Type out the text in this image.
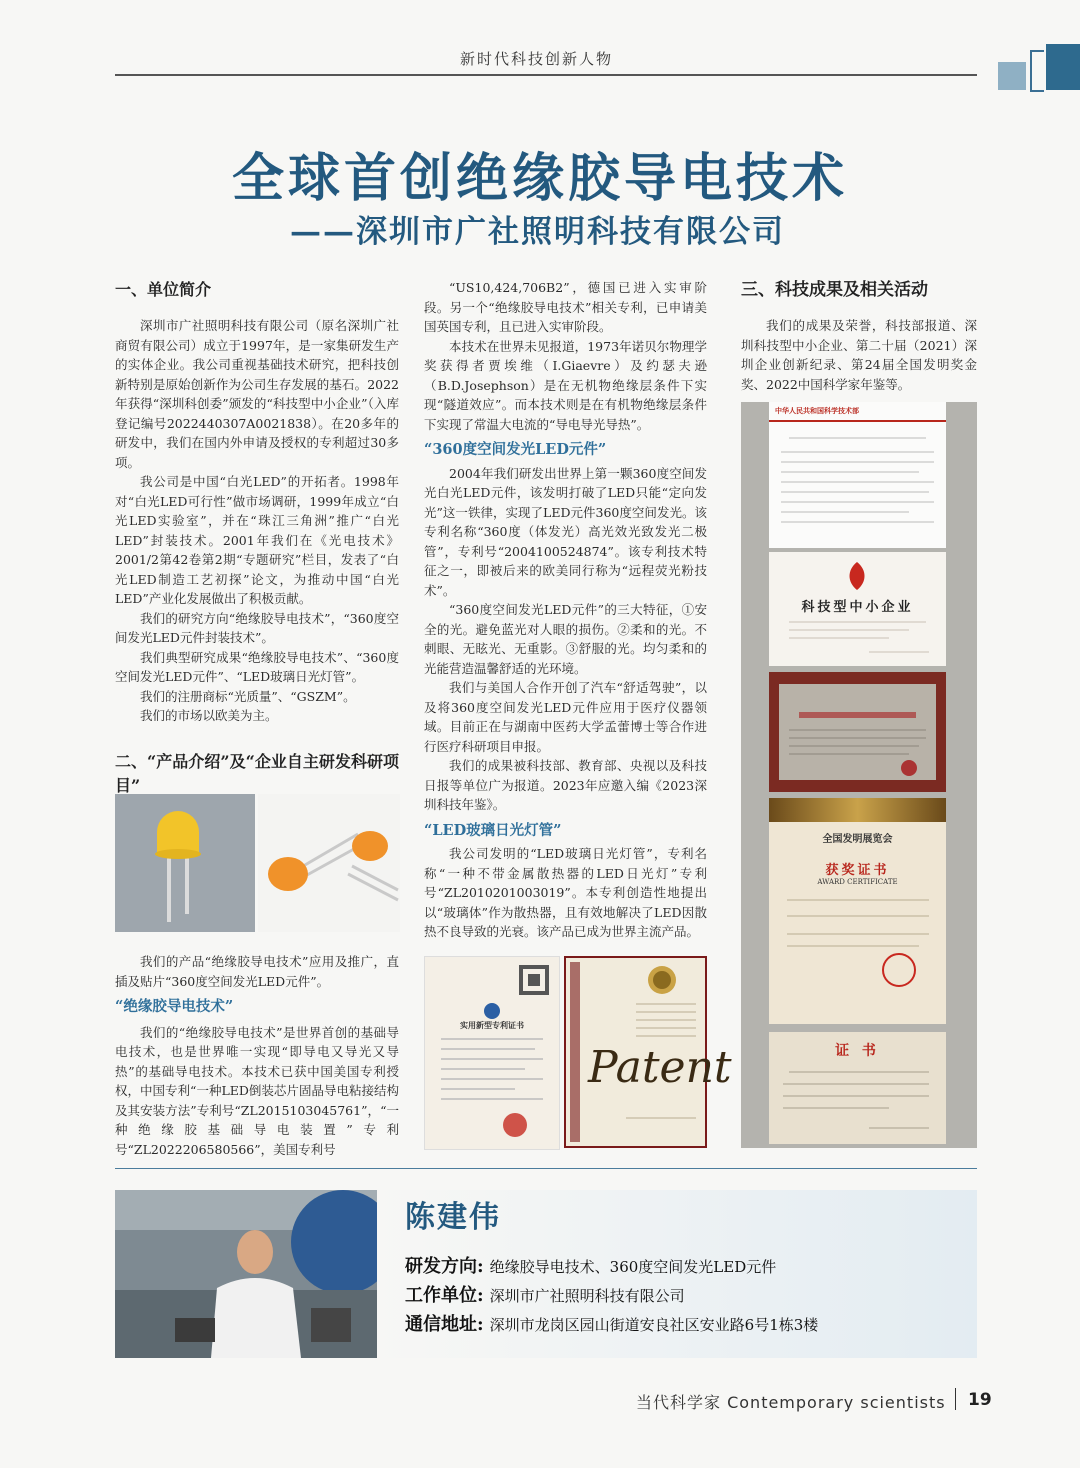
新时代科技创新人物
全球首创绝缘胶导电技术
——深圳市广社照明科技有限公司
一、单位简介

深圳市广社照明科技有限公司（原名深圳广社商贸有限公司）成立于1997年，是一家集研发生产的实体企业。我公司重视基础技术研究，把科技创新特别是原始创新作为公司生存发展的基石。2022年获得“深圳科创委”颁发的“科技型中小企业”（入库登记编号2022440307A0021838）。在20多年的研发中，我们在国内外申请及授权的专利超过30多项。

我公司是中国“白光LED”的开拓者。1998年对“白光LED可行性”做市场调研，1999年成立“白光LED实验室”，并在“珠江三角洲”推广“白光LED”封装技术。2001年我们在《光电技术》2001/2第42卷第2期“专题研究”栏目，发表了“白光LED制造工艺初探”论文，为推动中国“白光LED”产业化发展做出了积极贡献。

我们的研究方向“绝缘胶导电技术”，“360度空间发光LED元件封装技术”。

我们典型研究成果“绝缘胶导电技术”、“360度空间发光LED元件”、“LED玻璃日光灯管”。

我们的注册商标“光质量”、“GSZM”。

我们的市场以欧美为主。

二、“产品介绍”及“企业自主研发科研项目”

我们的产品“绝缘胶导电技术”应用及推广，直插及贴片“360度空间发光LED元件”。

“绝缘胶导电技术”

我们的“绝缘胶导电技术”是世界首创的基础导电技术，也是世界唯一实现“即导电又导光又导热”的基础导电技术。本技术已获中国美国专利授权，中国专利“一种LED倒装芯片固晶导电粘接结构及其安装方法”专利号“ZL2015103045761”，“一种绝缘胶基础导电装置”专利号“ZL2022206580566”，美国专利号

“US10,424,706B2”，德国已进入实审阶段。另一个“绝缘胶导电技术”相关专利，已申请美国英国专利，且已进入实审阶段。

本技术在世界未见报道，1973年诺贝尔物理学奖获得者贾埃维（I.Giaevre）及约瑟夫逊（B.D.Josephson）是在无机物绝缘层条件下实现“隧道效应”。而本技术则是在有机物绝缘层条件下实现了常温大电流的“导电导光导热”。

“360度空间发光LED元件”

2004年我们研发出世界上第一颗360度空间发光白光LED元件，该发明打破了LED只能“定向发光”这一铁律，实现了LED元件360度空间发光。该专利名称“360度（体发光）高光效光致发光二极管”，专利号“2004100524874”。该专利技术特征之一，即被后来的欧美同行称为“远程荧光粉技术”。

“360度空间发光LED元件”的三大特征，①安全的光。避免蓝光对人眼的损伤。②柔和的光。不刺眼、无眩光、无重影。③舒服的光。均匀柔和的光能营造温馨舒适的光环境。

我们与美国人合作开创了汽车“舒适驾驶”，以及将360度空间发光LED元件应用于医疗仪器领域。目前正在与湖南中医药大学孟蕾博士等合作进行医疗科研项目申报。

我们的成果被科技部、教育部、央视以及科技日报等单位广为报道。2023年应邀入编《2023深圳科技年鉴》。

“LED玻璃日光灯管”

我公司发明的“LED玻璃日光灯管”，专利名称“一种不带金属散热器的LED日光灯”专利号“ZL2010201003019”。本专利创造性地提出以“玻璃体”作为散热器，且有效地解决了LED因散热不良导致的光衰。该产品已成为世界主流产品。

实用新型专利证书
Patent
三、科技成果及相关活动

我们的成果及荣誉，科技部报道、深圳科技型中小企业、第二十届（2021）深圳企业创新纪录、第24届全国发明奖金奖、2022中国科学家年鉴等。

中华人民共和国科学技术部
科技型中小企业
全国发明展览会
获奖证书
AWARD CERTIFICATE
证 书
陈建伟
研发方向: 绝缘胶导电技术、360度空间发光LED元件
工作单位: 深圳市广社照明科技有限公司
通信地址: 深圳市龙岗区园山街道安良社区安业路6号1栋3楼
当代科学家 Contemporary scientists 19
